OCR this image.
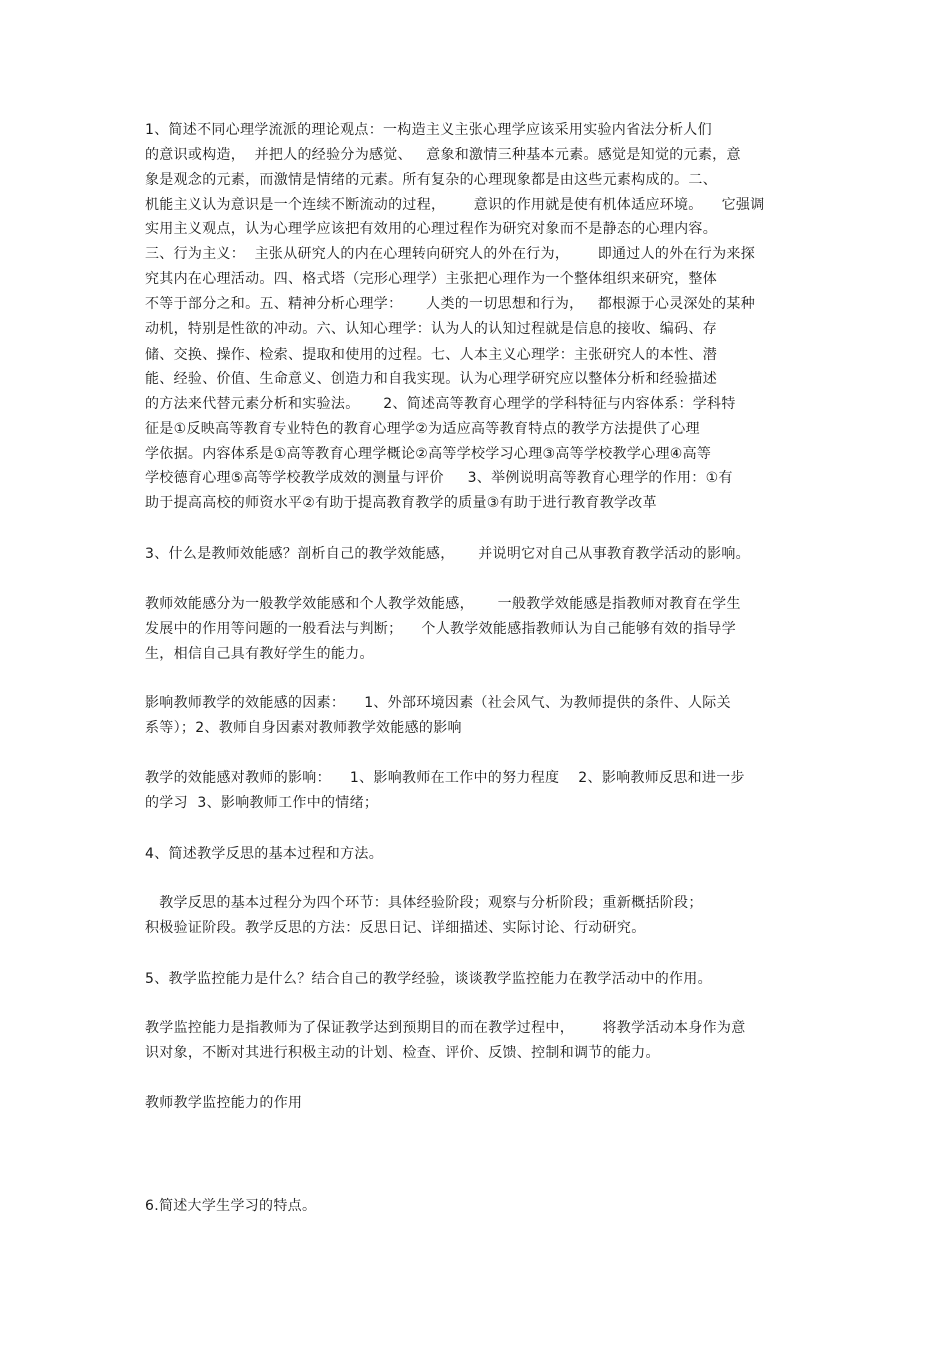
1、简述不同心理学流派的理论观点：一构造主义主张心理学应该采用实验内省法分析人们
的意识或构造，  并把人的经验分为感觉、   意象和激情三种基本元素。感觉是知觉的元素，意
象是观念的元素，而激情是情绪的元素。所有复杂的心理现象都是由这些元素构成的。二、
机能主义认为意识是一个连续不断流动的过程，      意识的作用就是使有机体适应环境。    它强调
实用主义观点，认为心理学应该把有效用的心理过程作为研究对象而不是静态的心理内容。
三、行为主义：  主张从研究人的内在心理转向研究人的外在行为，      即通过人的外在行为来探
究其内在心理活动。四、格式塔（完形心理学）主张把心理作为一个整体组织来研究，整体
不等于部分之和。五、精神分析心理学：     人类的一切思想和行为，   都根源于心灵深处的某种
动机，特别是性欲的冲动。六、认知心理学：认为人的认知过程就是信息的接收、编码、存
储、交换、操作、检索、提取和使用的过程。七、人本主义心理学：主张研究人的本性、潜
能、经验、价值、生命意义、创造力和自我实现。认为心理学研究应以整体分析和经验描述
的方法来代替元素分析和实验法。     2、简述高等教育心理学的学科特征与内容体系：学科特
征是①反映高等教育专业特色的教育心理学②为适应高等教育特点的教学方法提供了心理
学依据。内容体系是①高等教育心理学概论②高等学校学习心理③高等学校教学心理④高等
学校德育心理⑤高等学校教学成效的测量与评价     3、举例说明高等教育心理学的作用：①有
助于提高高校的师资水平②有助于提高教育教学的质量③有助于进行教育教学改革
3、什么是教师效能感？剖析自己的教学效能感，     并说明它对自己从事教育教学活动的影响。
教师效能感分为一般教学效能感和个人教学效能感，     一般教学效能感是指教师对教育在学生
发展中的作用等问题的一般看法与判断；    个人教学效能感指教师认为自己能够有效的指导学
生，相信自己具有教好学生的能力。
影响教师教学的效能感的因素：    1、外部环境因素（社会风气、为教师提供的条件、人际关
系等）；2、教师自身因素对教师教学效能感的影响
教学的效能感对教师的影响：    1、影响教师在工作中的努力程度    2、影响教师反思和进一步
的学习  3、影响教师工作中的情绪；
4、简述教学反思的基本过程和方法。
教学反思的基本过程分为四个环节：具体经验阶段；观察与分析阶段；重新概括阶段；
积极验证阶段。教学反思的方法：反思日记、详细描述、实际讨论、行动研究。
5、教学监控能力是什么？结合自己的教学经验，谈谈教学监控能力在教学活动中的作用。
教学监控能力是指教师为了保证教学达到预期目的而在教学过程中，      将教学活动本身作为意
识对象，不断对其进行积极主动的计划、检查、评价、反馈、控制和调节的能力。
教师教学监控能力的作用
6.简述大学生学习的特点。
